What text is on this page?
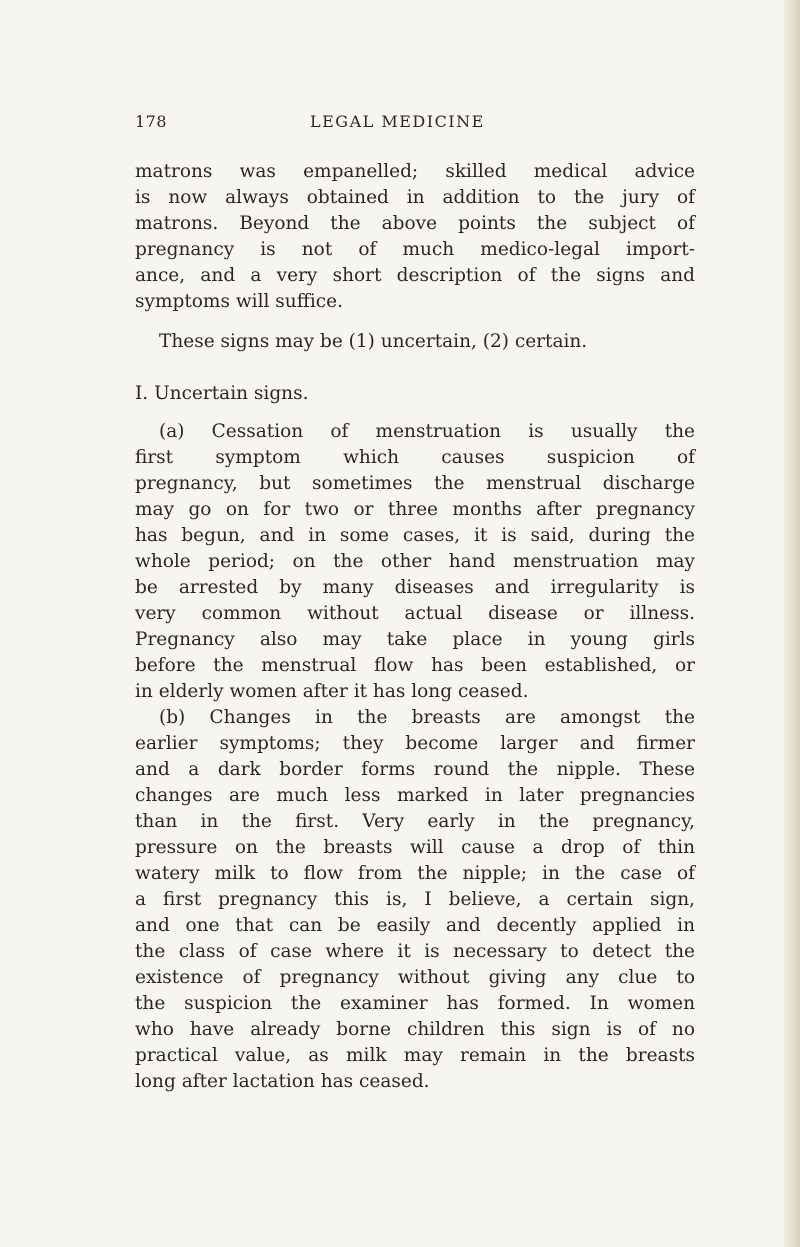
178	LEGAL MEDICINE
matrons was empanelled; skilled medical advice
is now always obtained in addition to the jury of
matrons. Beyond the above points the subject of
pregnancy is not of much medico-legal import-
ance, and a very short description of the signs and
symptoms will suffice.
These signs may be (1) uncertain, (2) certain.
I. Uncertain signs.
(a) Cessation of menstruation is usually the
first symptom which causes suspicion of
pregnancy, but sometimes the menstrual discharge
may go on for two or three months after pregnancy
has begun, and in some cases, it is said, during the
whole period; on the other hand menstruation may
be arrested by many diseases and irregularity is
very common without actual disease or illness.
Pregnancy also may take place in young girls
before the menstrual flow has been established, or
in elderly women after it has long ceased.
(b) Changes in the breasts are amongst the
earlier symptoms; they become larger and firmer
and a dark border forms round the nipple. These
changes are much less marked in later pregnancies
than in the first. Very early in the pregnancy,
pressure on the breasts will cause a drop of thin
watery milk to flow from the nipple; in the case of
a first pregnancy this is, I believe, a certain sign,
and one that can be easily and decently applied in
the class of case where it is necessary to detect the
existence of pregnancy without giving any clue to
the suspicion the examiner has formed. In women
who have already borne children this sign is of no
practical value, as milk may remain in the breasts
long after lactation has ceased.
